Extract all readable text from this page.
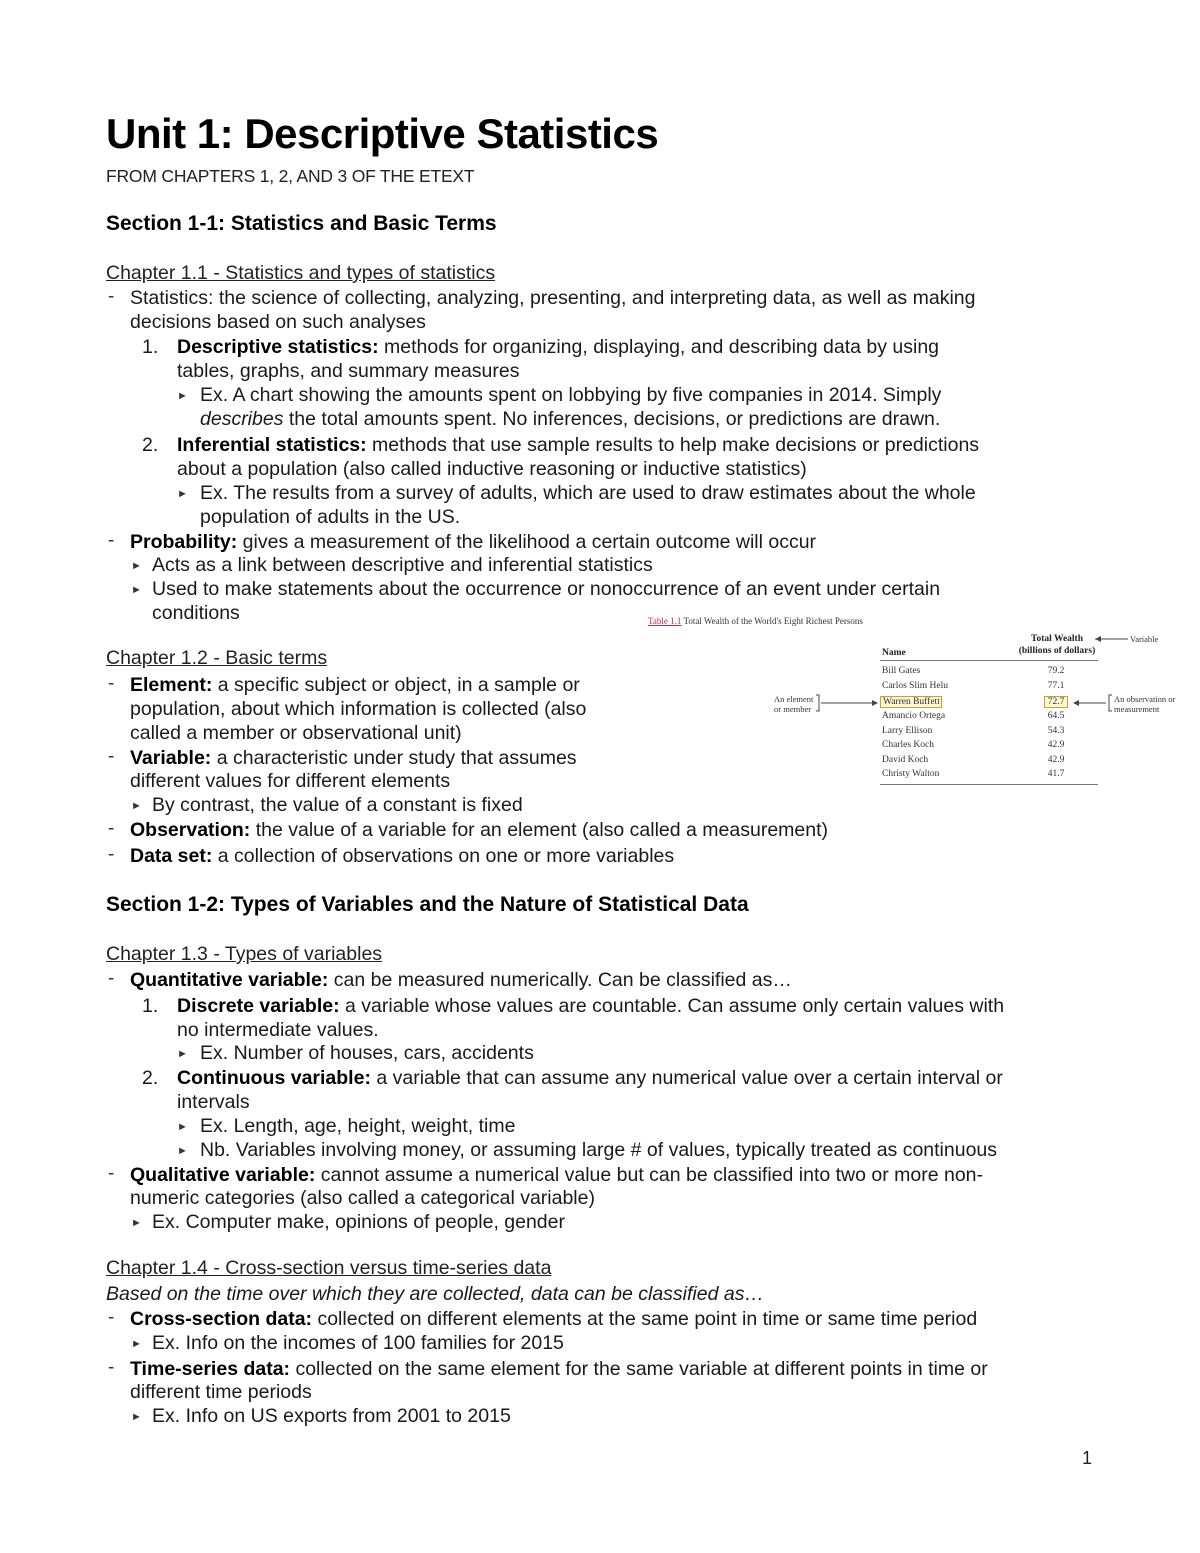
Unit 1: Descriptive Statistics
FROM CHAPTERS 1, 2, AND 3 OF THE ETEXT
Section 1-1: Statistics and Basic Terms
Chapter 1.1 - Statistics and types of statistics
- Statistics: the science of collecting, analyzing, presenting, and interpreting data, as well as making
decisions based on such analyses
1. Descriptive statistics: methods for organizing, displaying, and describing data by using
tables, graphs, and summary measures
► Ex. A chart showing the amounts spent on lobbying by five companies in 2014. Simply
describes the total amounts spent. No inferences, decisions, or predictions are drawn.
2. Inferential statistics: methods that use sample results to help make decisions or predictions
about a population (also called inductive reasoning or inductive statistics)
► Ex. The results from a survey of adults, which are used to draw estimates about the whole
population of adults in the US.
- Probability: gives a measurement of the likelihood a certain outcome will occur
► Acts as a link between descriptive and inferential statistics
► Used to make statements about the occurrence or nonoccurrence of an event under certain
conditions
Chapter 1.2 - Basic terms
- Element: a specific subject or object, in a sample or
population, about which information is collected (also
called a member or observational unit)
- Variable: a characteristic under study that assumes
different values for different elements
► By contrast, the value of a constant is fixed
- Observation: the value of a variable for an element (also called a measurement)
- Data set: a collection of observations on one or more variables
Table 1.1 Total Wealth of the World's Eight Richest Persons
Total Wealth
(billions of dollars)
Name
Variable
An element
or member
An observation or
measurement
Bill Gates	79.2
Carlos Slim Helu	77.1
Warren Buffett	72.7
Amancio Ortega	64.5
Larry Ellison	54.3
Charles Koch	42.9
David Koch	42.9
Christy Walton	41.7
Section 1-2: Types of Variables and the Nature of Statistical Data
Chapter 1.3 - Types of variables
- Quantitative variable: can be measured numerically. Can be classified as…
1. Discrete variable: a variable whose values are countable. Can assume only certain values with
no intermediate values.
► Ex. Number of houses, cars, accidents
2. Continuous variable: a variable that can assume any numerical value over a certain interval or
intervals
► Ex. Length, age, height, weight, time
► Nb. Variables involving money, or assuming large # of values, typically treated as continuous
- Qualitative variable: cannot assume a numerical value but can be classified into two or more non-
numeric categories (also called a categorical variable)
► Ex. Computer make, opinions of people, gender
Chapter 1.4 - Cross-section versus time-series data
Based on the time over which they are collected, data can be classified as…
- Cross-section data: collected on different elements at the same point in time or same time period
► Ex. Info on the incomes of 100 families for 2015
- Time-series data: collected on the same element for the same variable at different points in time or
different time periods
► Ex. Info on US exports from 2001 to 2015
1
